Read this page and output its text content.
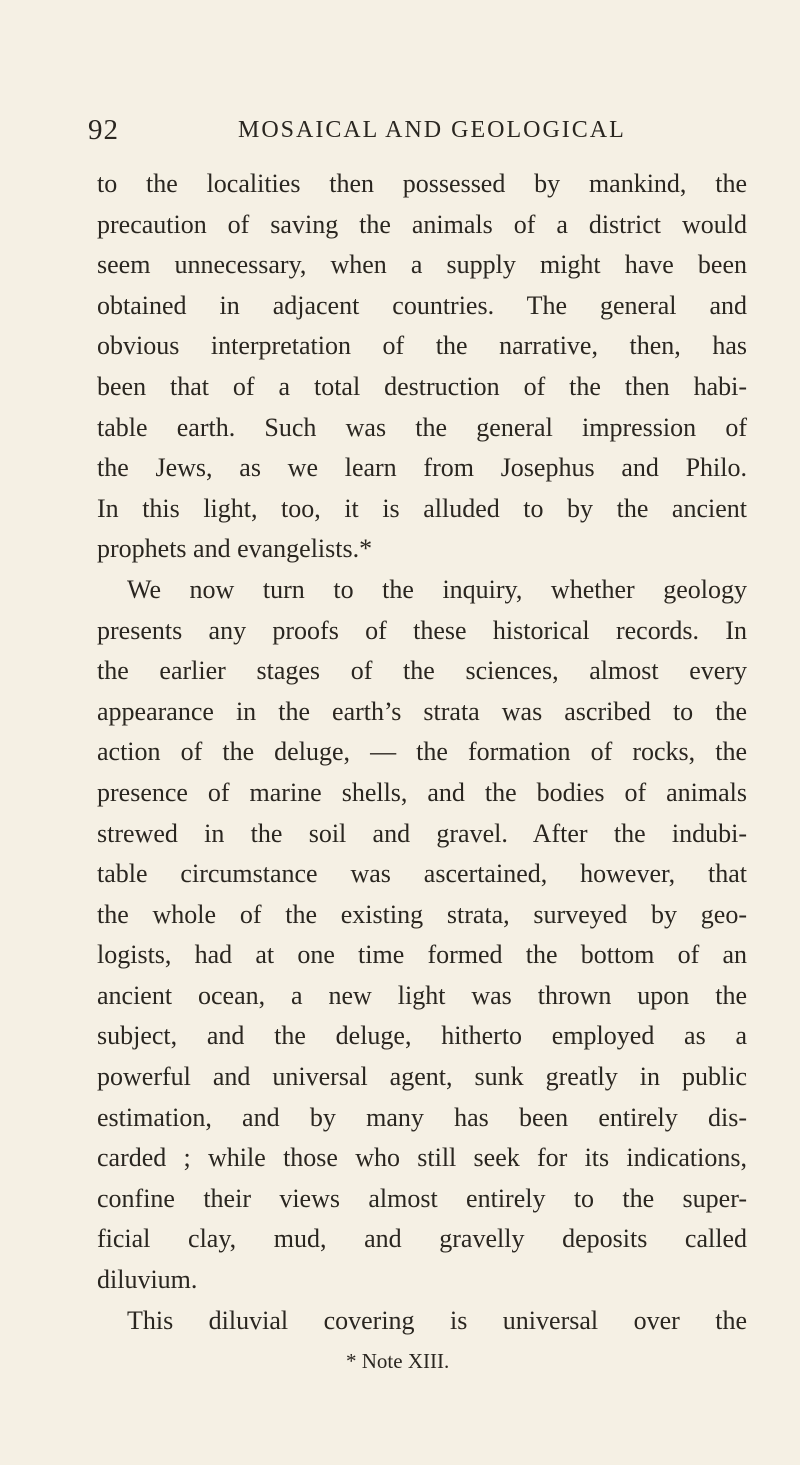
92	MOSAICAL AND GEOLOGICAL
to the localities then possessed by mankind, the
precaution of saving the animals of a district would
seem unnecessary, when a supply might have been
obtained in adjacent countries. The general and
obvious interpretation of the narrative, then, has
been that of a total destruction of the then habi-
table earth. Such was the general impression of
the Jews, as we learn from Josephus and Philo.
In this light, too, it is alluded to by the ancient
prophets and evangelists.*
We now turn to the inquiry, whether geology
presents any proofs of these historical records. In
the earlier stages of the sciences, almost every
appearance in the earth’s strata was ascribed to the
action of the deluge, — the formation of rocks, the
presence of marine shells, and the bodies of animals
strewed in the soil and gravel. After the indubi-
table circumstance was ascertained, however, that
the whole of the existing strata, surveyed by geo-
logists, had at one time formed the bottom of an
ancient ocean, a new light was thrown upon the
subject, and the deluge, hitherto employed as a
powerful and universal agent, sunk greatly in public
estimation, and by many has been entirely dis-
carded ; while those who still seek for its indications,
confine their views almost entirely to the super-
ficial clay, mud, and gravelly deposits called
diluvium.
This diluvial covering is universal over the
* Note XIII.
